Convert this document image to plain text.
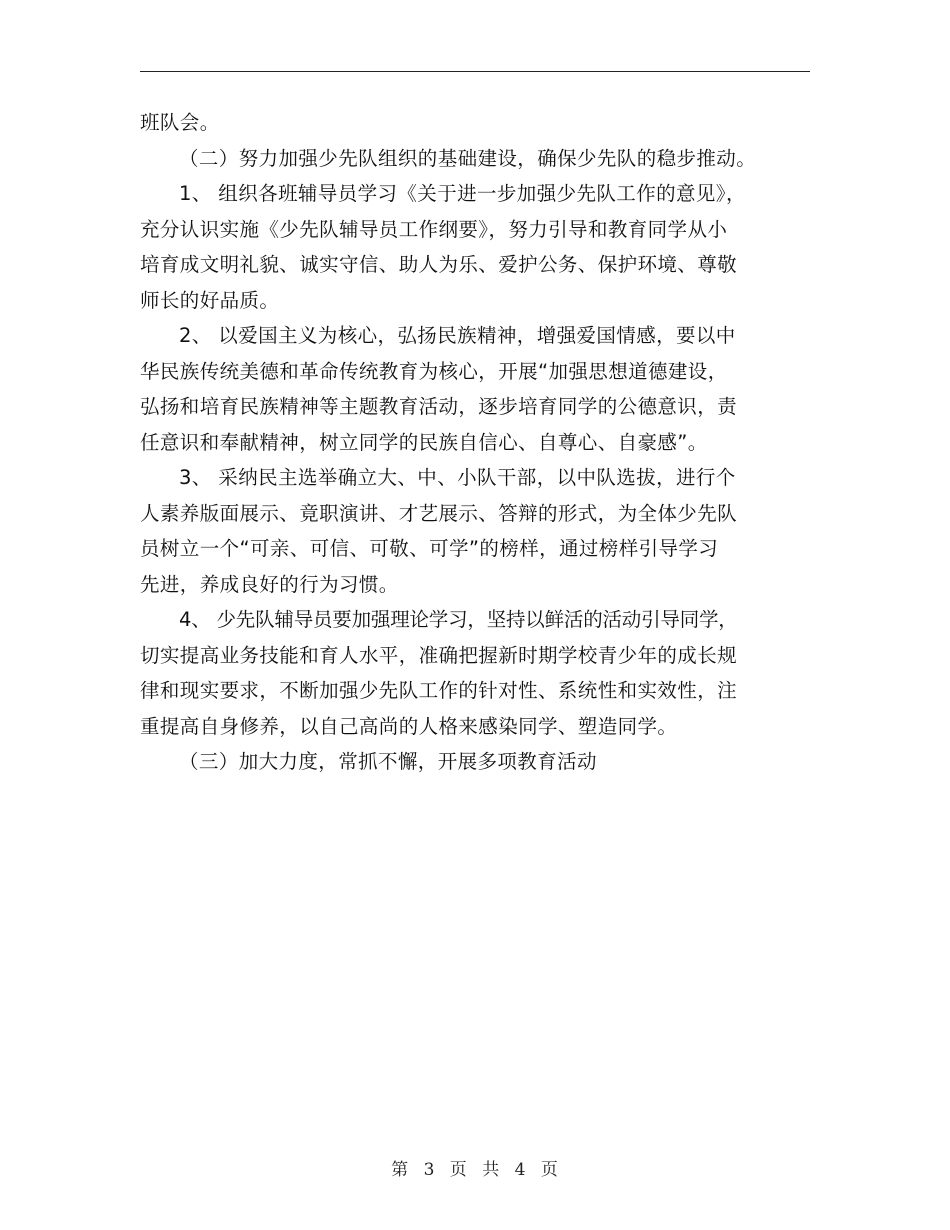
班队会。

（二）努力加强少先队组织的基础建设，确保少先队的稳步推动。

1、 组织各班辅导员学习《关于进一步加强少先队工作的意见》，
充分认识实施《少先队辅导员工作纲要》，努力引导和教育同学从小
培育成文明礼貌、诚实守信、助人为乐、爱护公务、保护环境、尊敬
师长的好品质。

2、 以爱国主义为核心，弘扬民族精神，增强爱国情感，要以中
华民族传统美德和革命传统教育为核心，开展“加强思想道德建设，
弘扬和培育民族精神等主题教育活动，逐步培育同学的公德意识，责
任意识和奉献精神，树立同学的民族自信心、自尊心、自豪感”。

3、 采纳民主选举确立大、中、小队干部，以中队选拔，进行个
人素养版面展示、竟职演讲、才艺展示、答辩的形式，为全体少先队
员树立一个“可亲、可信、可敬、可学”的榜样，通过榜样引导学习
先进，养成良好的行为习惯。

4、 少先队辅导员要加强理论学习，坚持以鲜活的活动引导同学，
切实提高业务技能和育人水平，准确把握新时期学校青少年的成长规
律和现实要求，不断加强少先队工作的针对性、系统性和实效性，注
重提高自身修养，以自己高尚的人格来感染同学、塑造同学。

（三）加大力度，常抓不懈，开展多项教育活动

第 3 页 共 4 页
